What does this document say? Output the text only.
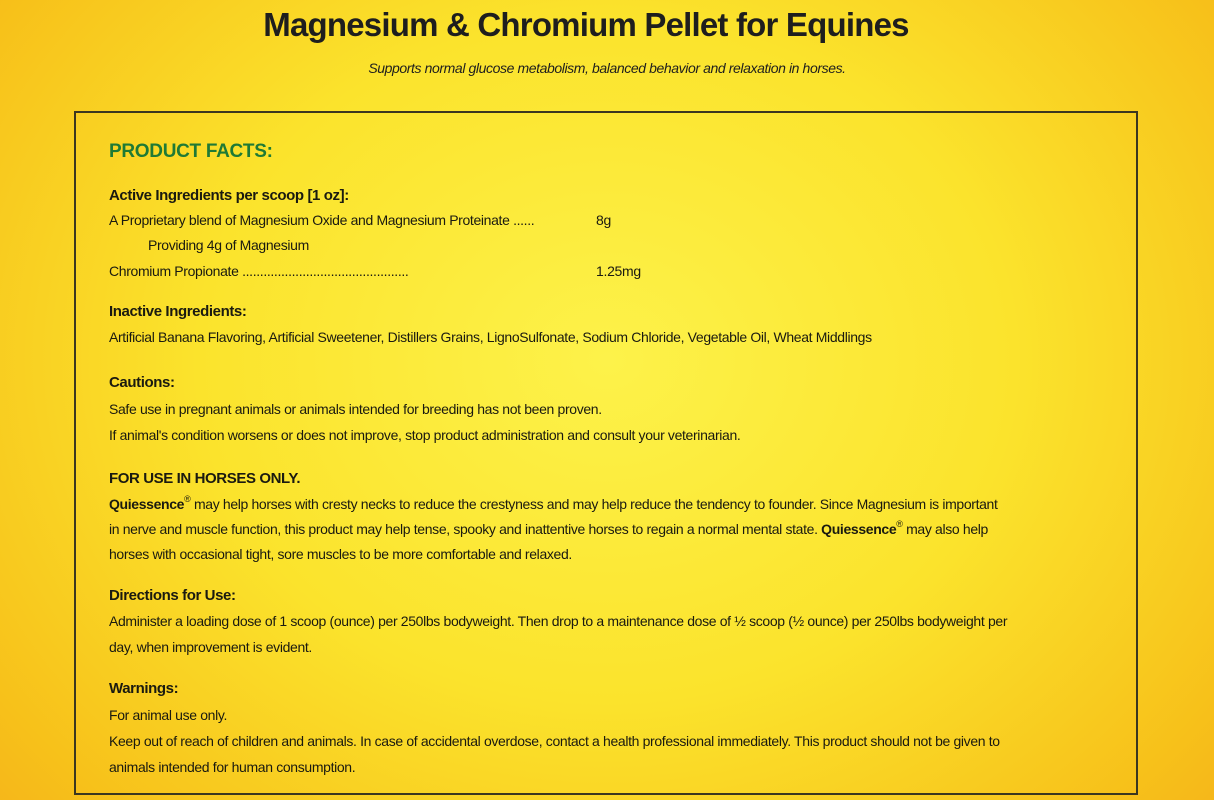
Magnesium & Chromium Pellet for Equines
Supports normal glucose metabolism, balanced behavior and relaxation in horses.
PRODUCT FACTS:
Active Ingredients per scoop [1 oz]:
A Proprietary blend of Magnesium Oxide and Magnesium Proteinate ......	8g
Providing 4g of Magnesium
Chromium Propionate ...............................................	1.25mg
Inactive Ingredients:
Artificial Banana Flavoring, Artificial Sweetener, Distillers Grains, LignoSulfonate, Sodium Chloride, Vegetable Oil, Wheat Middlings
Cautions:
Safe use in pregnant animals or animals intended for breeding has not been proven.
If animal's condition worsens or does not improve, stop product administration and consult your veterinarian.
FOR USE IN HORSES ONLY.
Quiessence® may help horses with cresty necks to reduce the crestyness and may help reduce the tendency to founder. Since Magnesium is important
in nerve and muscle function, this product may help tense, spooky and inattentive horses to regain a normal mental state. Quiessence® may also help
horses with occasional tight, sore muscles to be more comfortable and relaxed.
Directions for Use:
Administer a loading dose of 1 scoop (ounce) per 250lbs bodyweight. Then drop to a maintenance dose of ½ scoop (½ ounce) per 250lbs bodyweight per
day, when improvement is evident.
Warnings:
For animal use only.
Keep out of reach of children and animals. In case of accidental overdose, contact a health professional immediately. This product should not be given to
animals intended for human consumption.
